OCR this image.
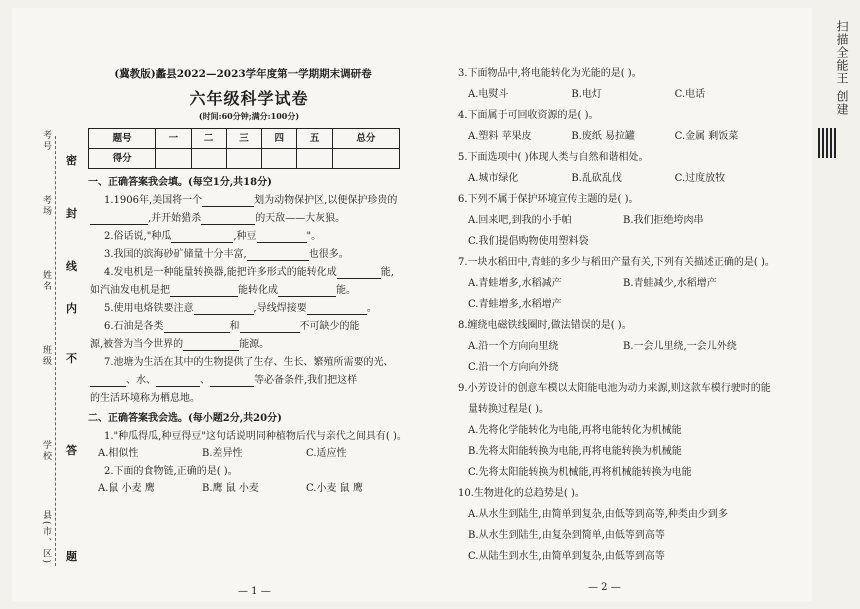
考号
考场
姓名
班级
学校
县(市、区)
密
封
线
内
不
答
题
(冀教版)蠡县2022—2023学年度第一学期期末调研卷
六年级科学试卷
(时间:60分钟;满分:100分)
题号	一	二	三	四	五	总分
得分						
一、正确答案我会填。(每空1分,共18分)
1.1906年,美国将一个	划为动物保护区,以便保护珍贵的
,并开始猎杀	的天敌——大灰狼。
2.俗话说,"种瓜	,种豆	"。
3.我国的滨海砂矿储量十分丰富,	也很多。
4.发电机是一种能量转换器,能把许多形式的能转化成	能,
如汽油发电机是把	能转化成	能。
5.使用电烙铁要注意	,导线焊接要	。
6.石油是各类	和	不可缺少的能
源,被誉为当今世界的	能源。
7.池塘为生活在其中的生物提供了生存、生长、繁殖所需要的光、
、水、	、	等必备条件,我们把这样
的生活环境称为栖息地。
二、正确答案我会选。(每小题2分,共20分)
1."种瓜得瓜,种豆得豆"这句话说明同种植物后代与亲代之间具有( )。
A.相似性	B.差异性	C.适应性
2.下面的食物链,正确的是( )。
A.鼠 小麦 鹰	B.鹰 鼠 小麦	C.小麦 鼠 鹰
— 1 —
3.下面物品中,将电能转化为光能的是( )。
A.电熨斗	B.电灯	C.电话
4.下面属于可回收资源的是( )。
A.塑料 苹果皮	B.废纸 易拉罐	C.金属 剩饭菜
5.下面选项中( )体现人类与自然和谐相处。
A.城市绿化	B.乱砍乱伐	C.过度放牧
6.下列不属于保护环境宣传主题的是( )。
A.回来吧,到我的小手帕	B.我们拒绝垮肉串
C.我们提倡购物使用塑料袋
7.一块水稻田中,青蛙的多少与稻田产量有关,下列有关描述正确的是( )。
A.青蛙增多,水稻减产	B.青蛙减少,水稻增产
C.青蛙增多,水稻增产
8.缠绕电磁铁线圈时,做法错误的是( )。
A.沿一个方向向里绕	B.一会儿里绕,一会儿外绕
C.沿一个方向向外绕
9.小芳设计的创意车模以太阳能电池为动力来源,则这款车模行驶时的能
量转换过程是( )。
A.先将化学能转化为电能,再将电能转化为机械能
B.先将太阳能转换为电能,再将电能转换为机械能
C.先将太阳能转换为机械能,再将机械能转换为电能
10.生物进化的总趋势是( )。
A.从水生到陆生,由简单到复杂,由低等到高等,种类由少到多
B.从水生到陆生,由复杂到简单,由低等到高等
C.从陆生到水生,由简单到复杂,由低等到高等
— 2 —
扫描全能王 创建
